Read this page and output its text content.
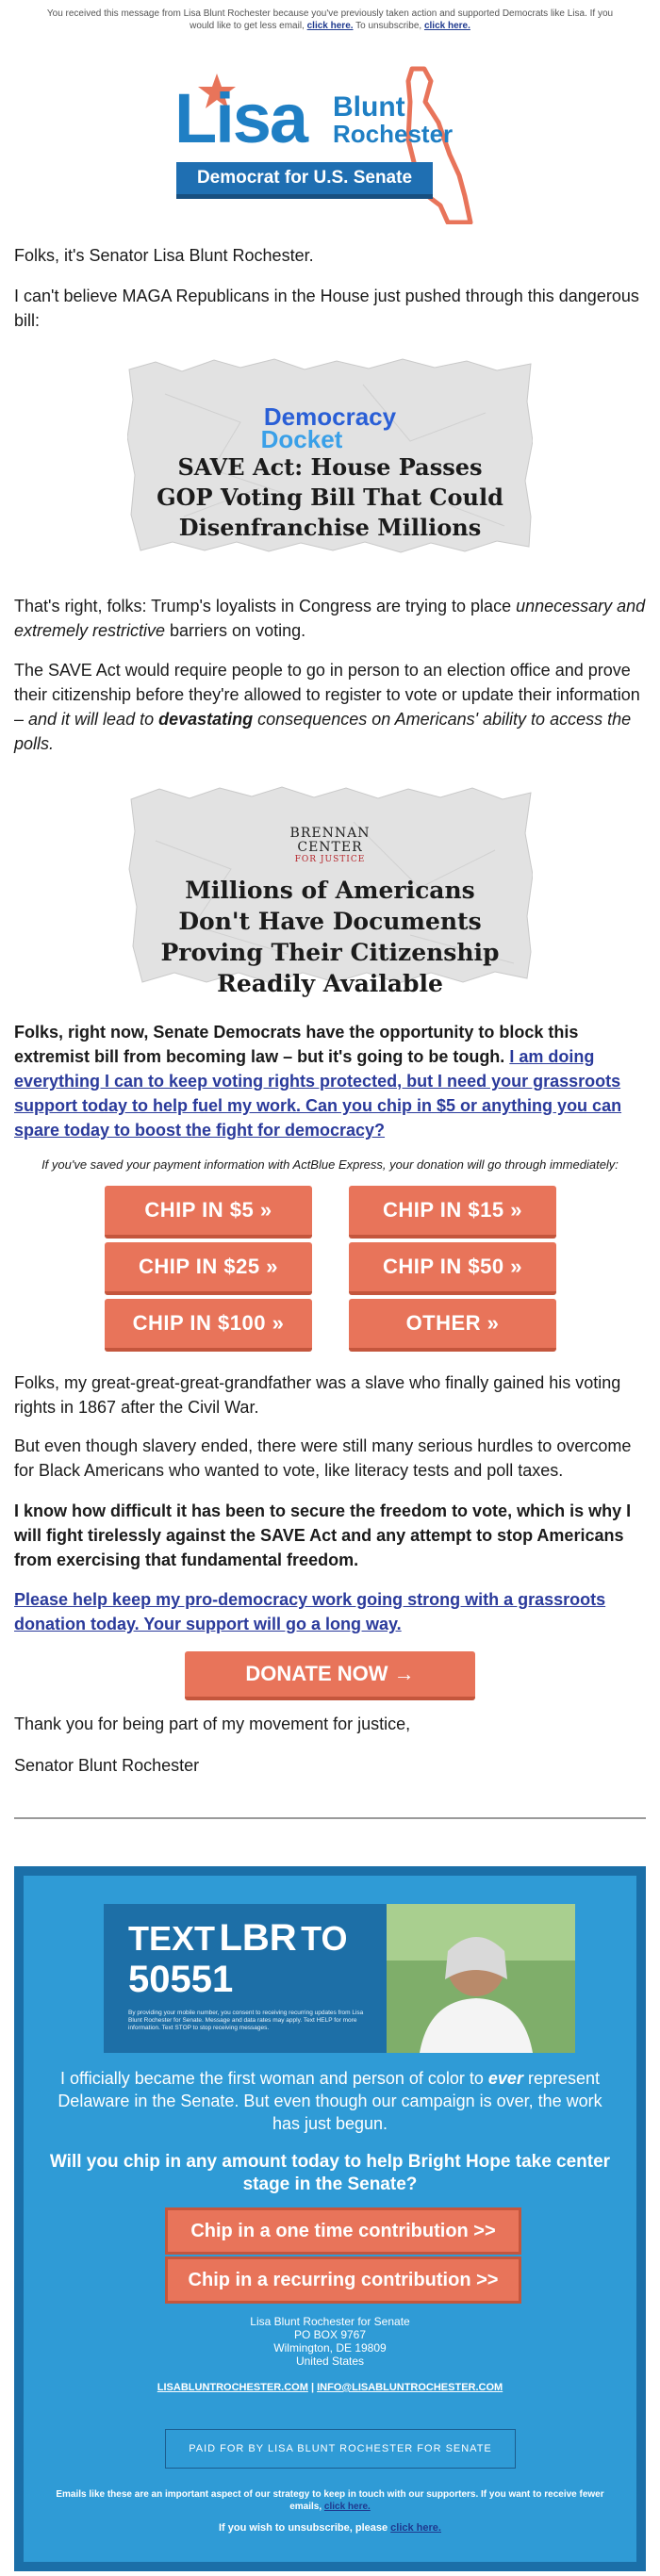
You received this message from Lisa Blunt Rochester because you've previously taken action and supported Democrats like Lisa. If you would like to get less email, click here. To unsubscribe, click here.
Lisa Blunt
Rochester
Democrat for U.S. Senate
Folks, it's Senator Lisa Blunt Rochester.
I can't believe MAGA Republicans in the House just pushed through this dangerous bill:
Democracy
Docket
SAVE Act: House Passes GOP Voting Bill That Could Disenfranchise Millions
That's right, folks: Trump's loyalists in Congress are trying to place unnecessary and extremely restrictive barriers on voting.
The SAVE Act would require people to go in person to an election office and prove their citizenship before they're allowed to register to vote or update their information – and it will lead to devastating consequences on Americans' ability to access the polls.
BRENNAN
CENTER
FOR JUSTICE
Millions of Americans Don't Have Documents Proving Their Citizenship Readily Available
Folks, right now, Senate Democrats have the opportunity to block this extremist bill from becoming law – but it's going to be tough. I am doing everything I can to keep voting rights protected, but I need your grassroots support today to help fuel my work. Can you chip in $5 or anything you can spare today to boost the fight for democracy?
If you've saved your payment information with ActBlue Express, your donation will go through immediately:
CHIP IN $5 »	CHIP IN $15 »
CHIP IN $25 »	CHIP IN $50 »
CHIP IN $100 »	OTHER »
Folks, my great-great-great-grandfather was a slave who finally gained his voting rights in 1867 after the Civil War.
But even though slavery ended, there were still many serious hurdles to overcome for Black Americans who wanted to vote, like literacy tests and poll taxes.
I know how difficult it has been to secure the freedom to vote, which is why I will fight tirelessly against the SAVE Act and any attempt to stop Americans from exercising that fundamental freedom.
Please help keep my pro-democracy work going strong with a grassroots donation today. Your support will go a long way.
DONATE NOW →
Thank you for being part of my movement for justice,
Senator Blunt Rochester
TEXT LBR TO
50551
By providing your mobile number, you consent to receiving recurring updates from Lisa Blunt Rochester for Senate. Message and data rates may apply. Text HELP for more information. Text STOP to stop receiving messages.
I officially became the first woman and person of color to ever represent Delaware in the Senate. But even though our campaign is over, the work has just begun.
Will you chip in any amount today to help Bright Hope take center stage in the Senate?
Chip in a one time contribution >>
Chip in a recurring contribution >>
Lisa Blunt Rochester for Senate
PO BOX 9767
Wilmington, DE 19809
United States
LISABLUNTROCHESTER.COM | INFO@LISABLUNTROCHESTER.COM
PAID FOR BY LISA BLUNT ROCHESTER FOR SENATE
Emails like these are an important aspect of our strategy to keep in touch with our supporters. If you want to receive fewer emails, click here.
If you wish to unsubscribe, please click here.
